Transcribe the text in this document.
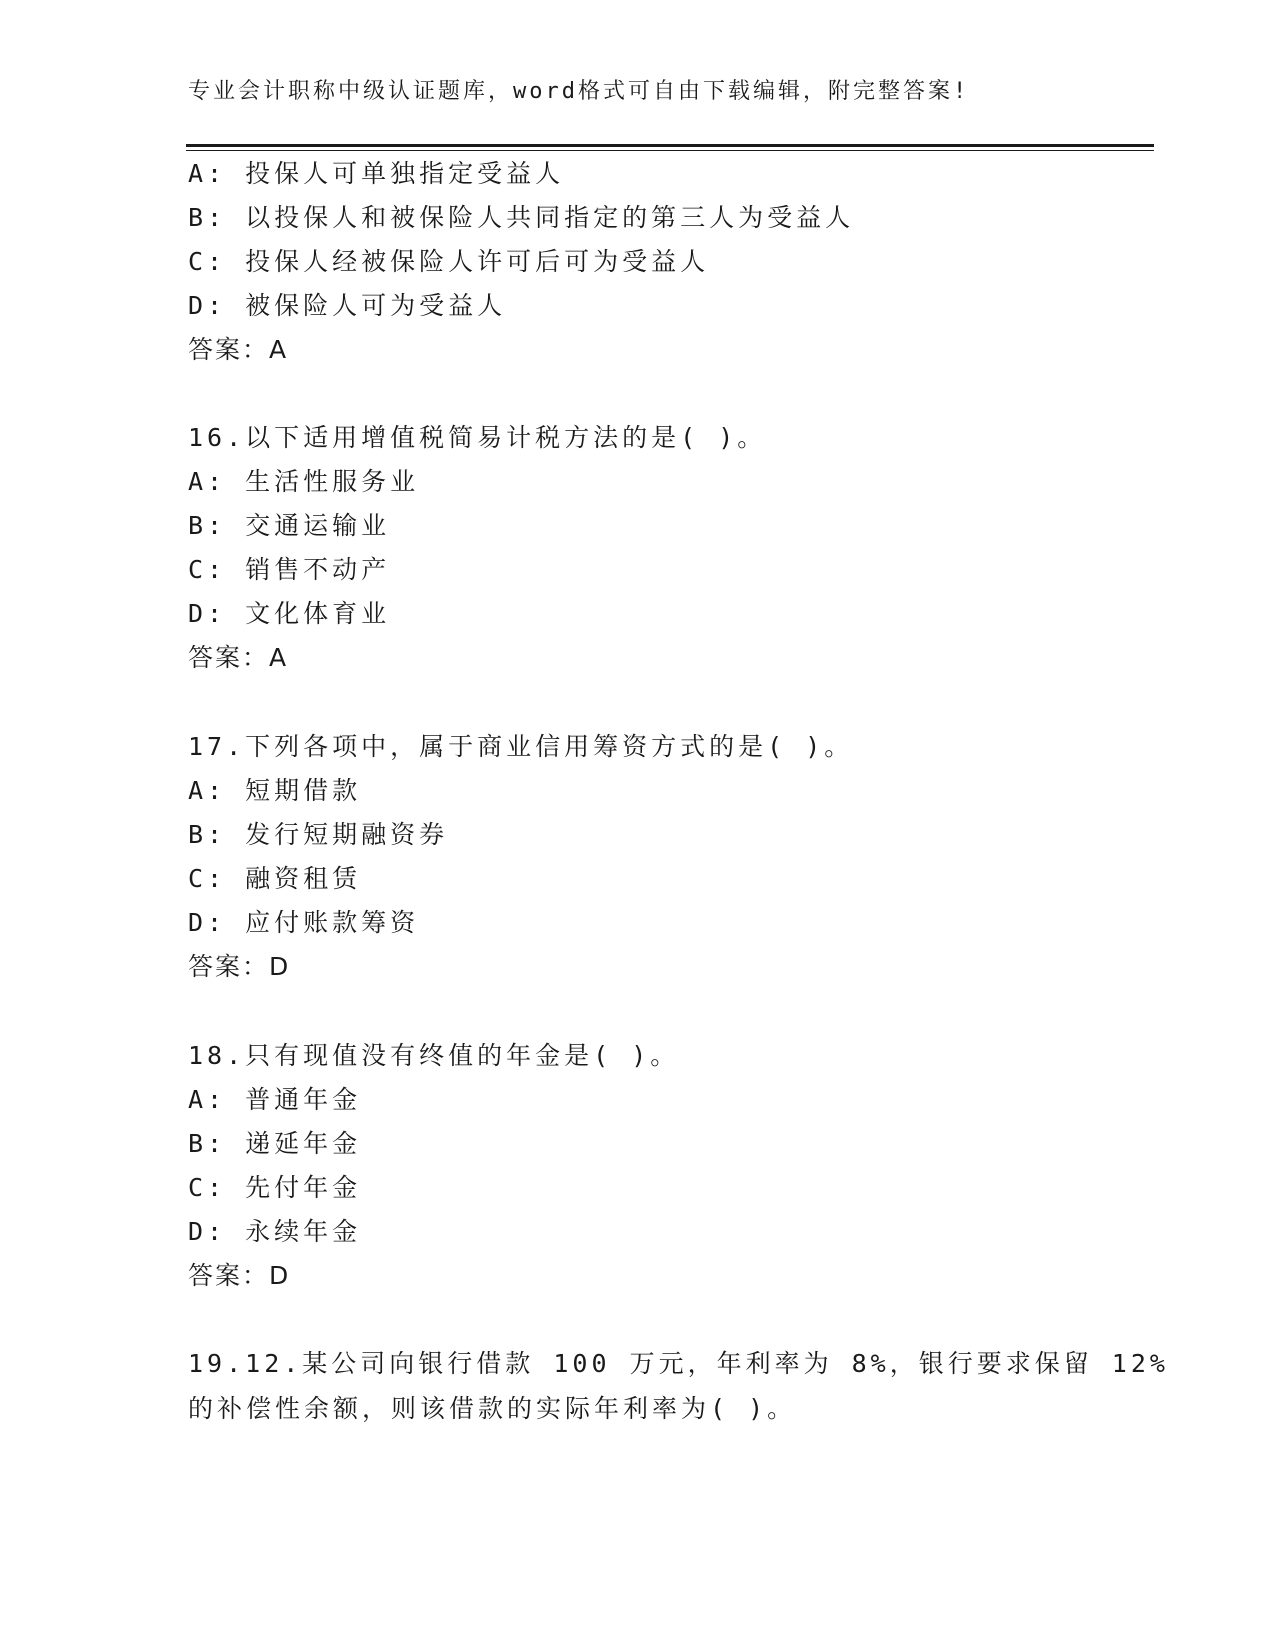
专业会计职称中级认证题库，word格式可自由下载编辑，附完整答案!
A: 投保人可单独指定受益人
B: 以投保人和被保险人共同指定的第三人为受益人
C: 投保人经被保险人许可后可为受益人
D: 被保险人可为受益人
答案：A
16.以下适用增值税简易计税方法的是( )。
A: 生活性服务业
B: 交通运输业
C: 销售不动产
D: 文化体育业
答案：A
17.下列各项中，属于商业信用筹资方式的是( )。
A: 短期借款
B: 发行短期融资券
C: 融资租赁
D: 应付账款筹资
答案：D
18.只有现值没有终值的年金是( )。
A: 普通年金
B: 递延年金
C: 先付年金
D: 永续年金
答案：D
19.12.某公司向银行借款 100 万元，年利率为 8%，银行要求保留 12%
的补偿性余额，则该借款的实际年利率为( )。
